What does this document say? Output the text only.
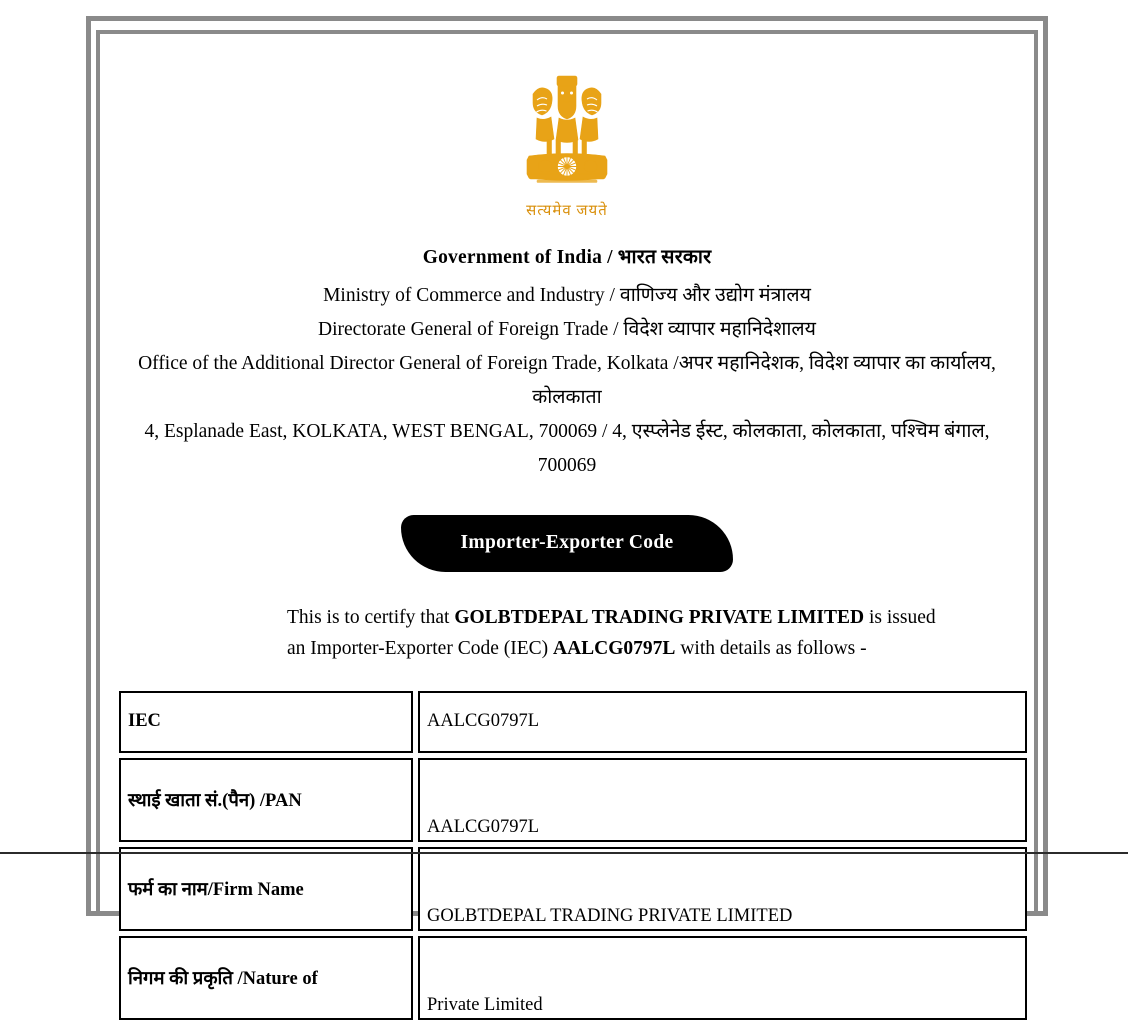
सत्यमेव जयते
Government of India / भारत सरकार
Ministry of Commerce and Industry / वाणिज्य और उद्योग मंत्रालय
Directorate General of Foreign Trade / विदेश व्यापार महानिदेशालय
Office of the Additional Director General of Foreign Trade, Kolkata /अपर महानिदेशक, विदेश व्यापार का कार्यालय, कोलकाता
4, Esplanade East, KOLKATA, WEST BENGAL, 700069 / 4, एस्प्लेनेड ईस्ट, कोलकाता, कोलकाता, पश्चिम बंगाल, 700069
Importer-Exporter Code
This is to certify that GOLBTDEPAL TRADING PRIVATE LIMITED is issued an Importer-Exporter Code (IEC) AALCG0797L with details as follows -
IEC	AALCG0797L
स्थाई खाता सं.(पैन) /PAN	AALCG0797L
फर्म का नाम/Firm Name	GOLBTDEPAL TRADING PRIVATE LIMITED
निगम की प्रकृति /Nature of	Private Limited
